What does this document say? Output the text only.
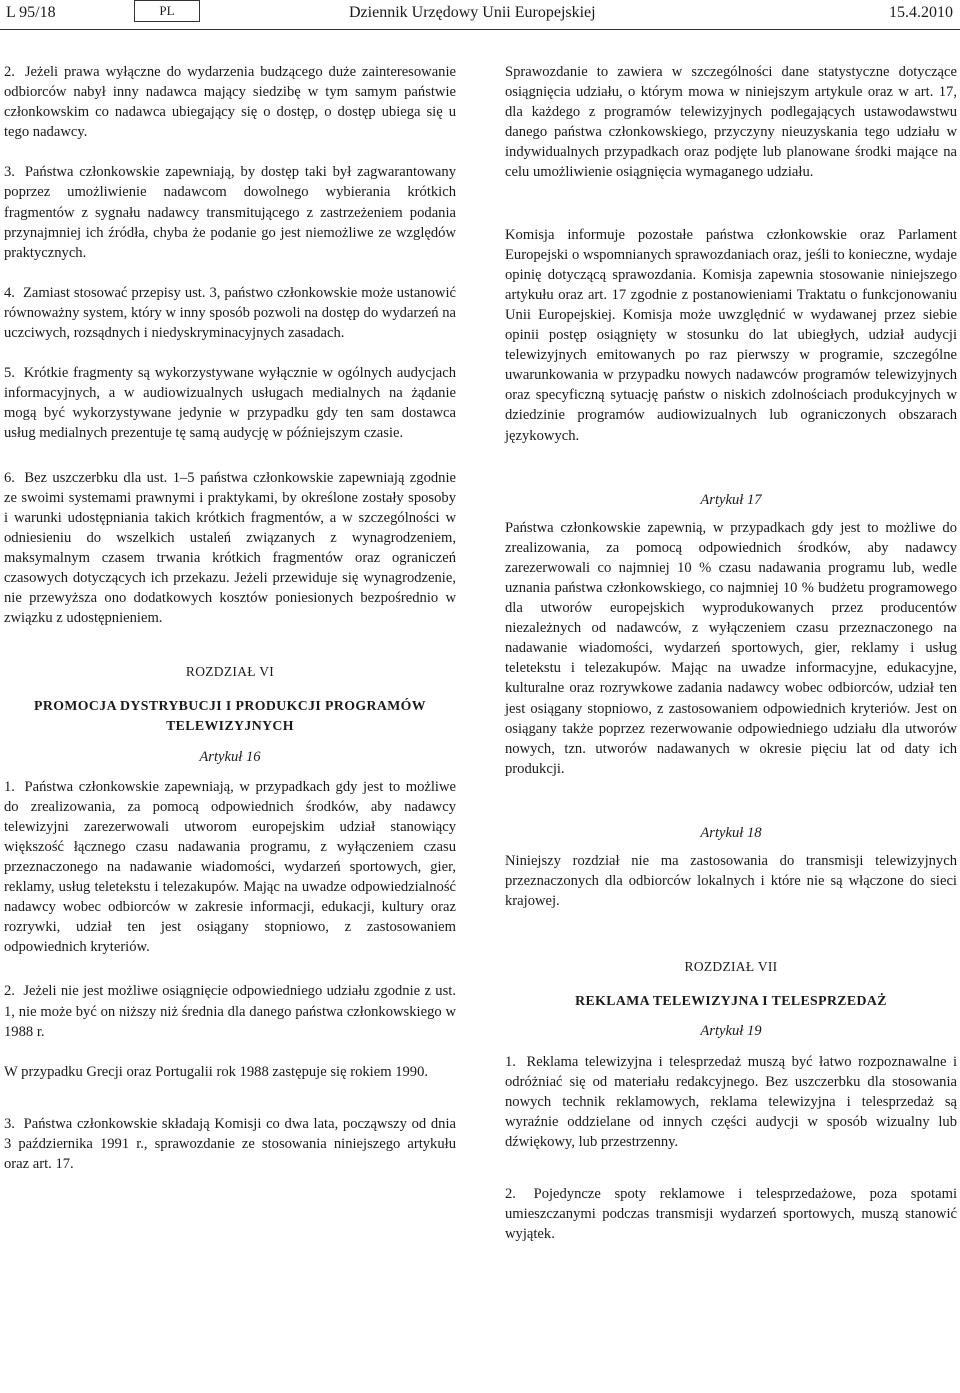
L 95/18	PL	Dziennik Urzędowy Unii Europejskiej	15.4.2010

2. Jeżeli prawa wyłączne do wydarzenia budzącego duże zainteresowanie odbiorców nabył inny nadawca mający siedzibę w tym samym państwie członkowskim co nadawca ubiegający się o dostęp, o dostęp ubiega się u tego nadawcy.

3. Państwa członkowskie zapewniają, by dostęp taki był zagwarantowany poprzez umożliwienie nadawcom dowolnego wybierania krótkich fragmentów z sygnału nadawcy transmitującego z zastrzeżeniem podania przynajmniej ich źródła, chyba że podanie go jest niemożliwe ze względów praktycznych.

4. Zamiast stosować przepisy ust. 3, państwo członkowskie może ustanowić równoważny system, który w inny sposób pozwoli na dostęp do wydarzeń na uczciwych, rozsądnych i niedyskryminacyjnych zasadach.

5. Krótkie fragmenty są wykorzystywane wyłącznie w ogólnych audycjach informacyjnych, a w audiowizualnych usługach medialnych na żądanie mogą być wykorzystywane jedynie w przypadku gdy ten sam dostawca usług medialnych prezentuje tę samą audycję w późniejszym czasie.

6. Bez uszczerbku dla ust. 1–5 państwa członkowskie zapewniają zgodnie ze swoimi systemami prawnymi i praktykami, by określone zostały sposoby i warunki udostępniania takich krótkich fragmentów, a w szczególności w odniesieniu do wszelkich ustaleń związanych z wynagrodzeniem, maksymalnym czasem trwania krótkich fragmentów oraz ograniczeń czasowych dotyczących ich przekazu. Jeżeli przewiduje się wynagrodzenie, nie przewyższa ono dodatkowych kosztów poniesionych bezpośrednio w związku z udostępnieniem.

ROZDZIAŁ VI

PROMOCJA DYSTRYBUCJI I PRODUKCJI PROGRAMÓW TELEWIZYJNYCH

Artykuł 16

1. Państwa członkowskie zapewniają, w przypadkach gdy jest to możliwe do zrealizowania, za pomocą odpowiednich środków, aby nadawcy telewizyjni zarezerwowali utworom europejskim udział stanowiący większość łącznego czasu nadawania programu, z wyłączeniem czasu przeznaczonego na nadawanie wiadomości, wydarzeń sportowych, gier, reklamy, usług teletekstu i telezakupów. Mając na uwadze odpowiedzialność nadawcy wobec odbiorców w zakresie informacji, edukacji, kultury oraz rozrywki, udział ten jest osiągany stopniowo, z zastosowaniem odpowiednich kryteriów.

2. Jeżeli nie jest możliwe osiągnięcie odpowiedniego udziału zgodnie z ust. 1, nie może być on niższy niż średnia dla danego państwa członkowskiego w 1988 r.

W przypadku Grecji oraz Portugalii rok 1988 zastępuje się rokiem 1990.

3. Państwa członkowskie składają Komisji co dwa lata, począwszy od dnia 3 października 1991 r., sprawozdanie ze stosowania niniejszego artykułu oraz art. 17.

Sprawozdanie to zawiera w szczególności dane statystyczne dotyczące osiągnięcia udziału, o którym mowa w niniejszym artykule oraz w art. 17, dla każdego z programów telewizyjnych podlegających ustawodawstwu danego państwa członkowskiego, przyczyny nieuzyskania tego udziału w indywidualnych przypadkach oraz podjęte lub planowane środki mające na celu umożliwienie osiągnięcia wymaganego udziału.

Komisja informuje pozostałe państwa członkowskie oraz Parlament Europejski o wspomnianych sprawozdaniach oraz, jeśli to konieczne, wydaje opinię dotyczącą sprawozdania. Komisja zapewnia stosowanie niniejszego artykułu oraz art. 17 zgodnie z postanowieniami Traktatu o funkcjonowaniu Unii Europejskiej. Komisja może uwzględnić w wydawanej przez siebie opinii postęp osiągnięty w stosunku do lat ubiegłych, udział audycji telewizyjnych emitowanych po raz pierwszy w programie, szczególne uwarunkowania w przypadku nowych nadawców programów telewizyjnych oraz specyficzną sytuację państw o niskich zdolnościach produkcyjnych w dziedzinie programów audiowizualnych lub ograniczonych obszarach językowych.

Artykuł 17

Państwa członkowskie zapewnią, w przypadkach gdy jest to możliwe do zrealizowania, za pomocą odpowiednich środków, aby nadawcy zarezerwowali co najmniej 10 % czasu nadawania programu lub, wedle uznania państwa członkowskiego, co najmniej 10 % budżetu programowego dla utworów europejskich wyprodukowanych przez producentów niezależnych od nadawców, z wyłączeniem czasu przeznaczonego na nadawanie wiadomości, wydarzeń sportowych, gier, reklamy i usług teletekstu i telezakupów. Mając na uwadze informacyjne, edukacyjne, kulturalne oraz rozrywkowe zadania nadawcy wobec odbiorców, udział ten jest osiągany stopniowo, z zastosowaniem odpowiednich kryteriów. Jest on osiągany także poprzez rezerwowanie odpowiedniego udziału dla utworów nowych, tzn. utworów nadawanych w okresie pięciu lat od daty ich produkcji.

Artykuł 18

Niniejszy rozdział nie ma zastosowania do transmisji telewizyjnych przeznaczonych dla odbiorców lokalnych i które nie są włączone do sieci krajowej.

ROZDZIAŁ VII

REKLAMA TELEWIZYJNA I TELESPRZEDAŻ

Artykuł 19

1. Reklama telewizyjna i telesprzedaż muszą być łatwo rozpoznawalne i odróżniać się od materiału redakcyjnego. Bez uszczerbku dla stosowania nowych technik reklamowych, reklama telewizyjna i telesprzedaż są wyraźnie oddzielane od innych części audycji w sposób wizualny lub dźwiękowy, lub przestrzenny.

2. Pojedyncze spoty reklamowe i telesprzedażowe, poza spotami umieszczanymi podczas transmisji wydarzeń sportowych, muszą stanowić wyjątek.
